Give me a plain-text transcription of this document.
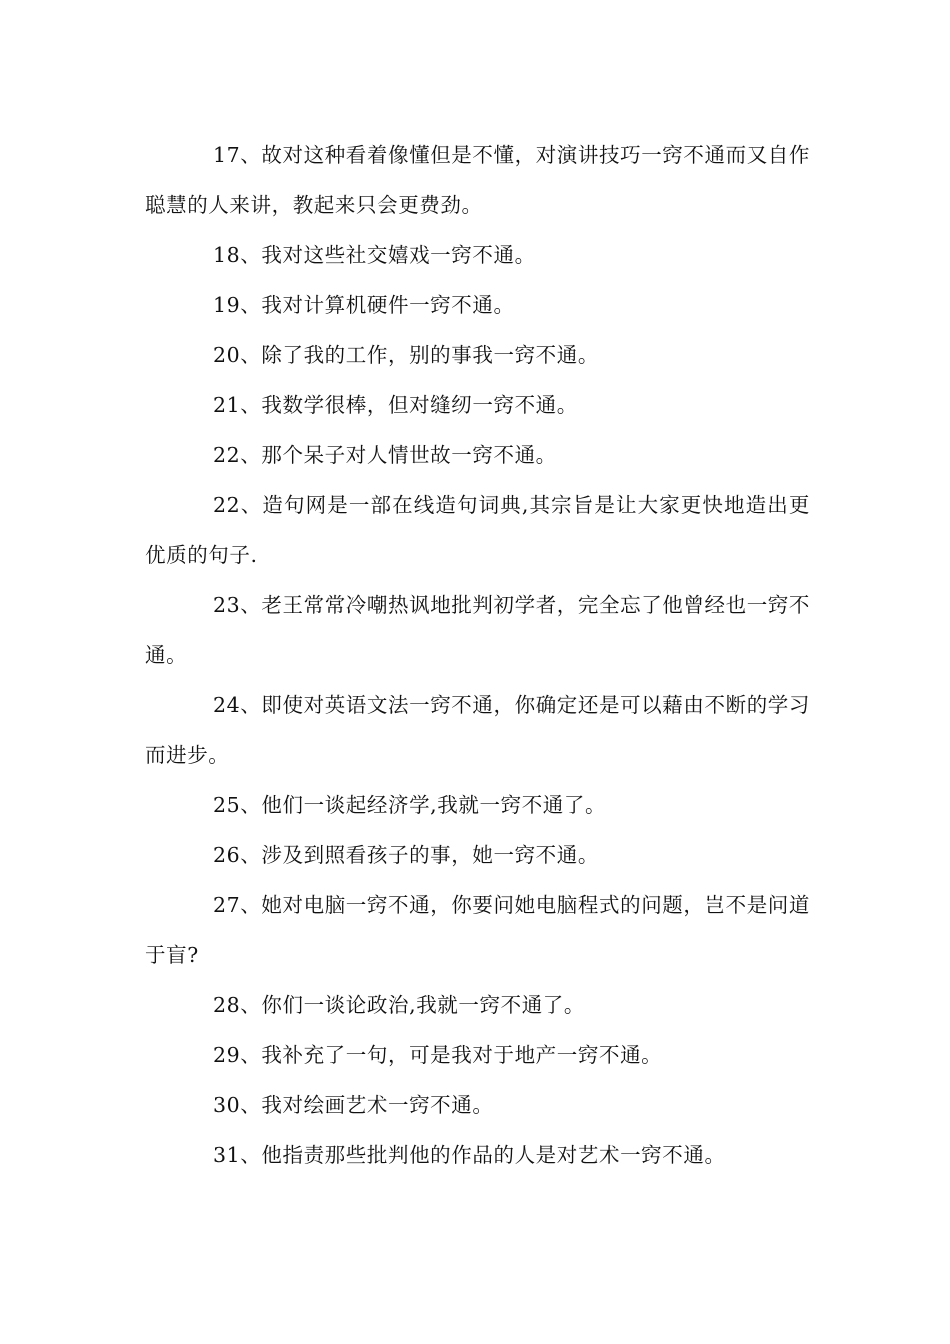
17、故对这种看着像懂但是不懂，对演讲技巧一窍不通而又自作聪慧的人来讲，教起来只会更费劲。

18、我对这些社交嬉戏一窍不通。

19、我对计算机硬件一窍不通。

20、除了我的工作，别的事我一窍不通。

21、我数学很棒，但对缝纫一窍不通。

22、那个呆子对人情世故一窍不通。

22、造句网是一部在线造句词典,其宗旨是让大家更快地造出更优质的句子.

23、老王常常冷嘲热讽地批判初学者，完全忘了他曾经也一窍不通。

24、即使对英语文法一窍不通，你确定还是可以藉由不断的学习而进步。

25、他们一谈起经济学,我就一窍不通了。

26、涉及到照看孩子的事，她一窍不通。

27、她对电脑一窍不通，你要问她电脑程式的问题，岂不是问道于盲?

28、你们一谈论政治,我就一窍不通了。

29、我补充了一句，可是我对于地产一窍不通。

30、我对绘画艺术一窍不通。

31、他指责那些批判他的作品的人是对艺术一窍不通。
